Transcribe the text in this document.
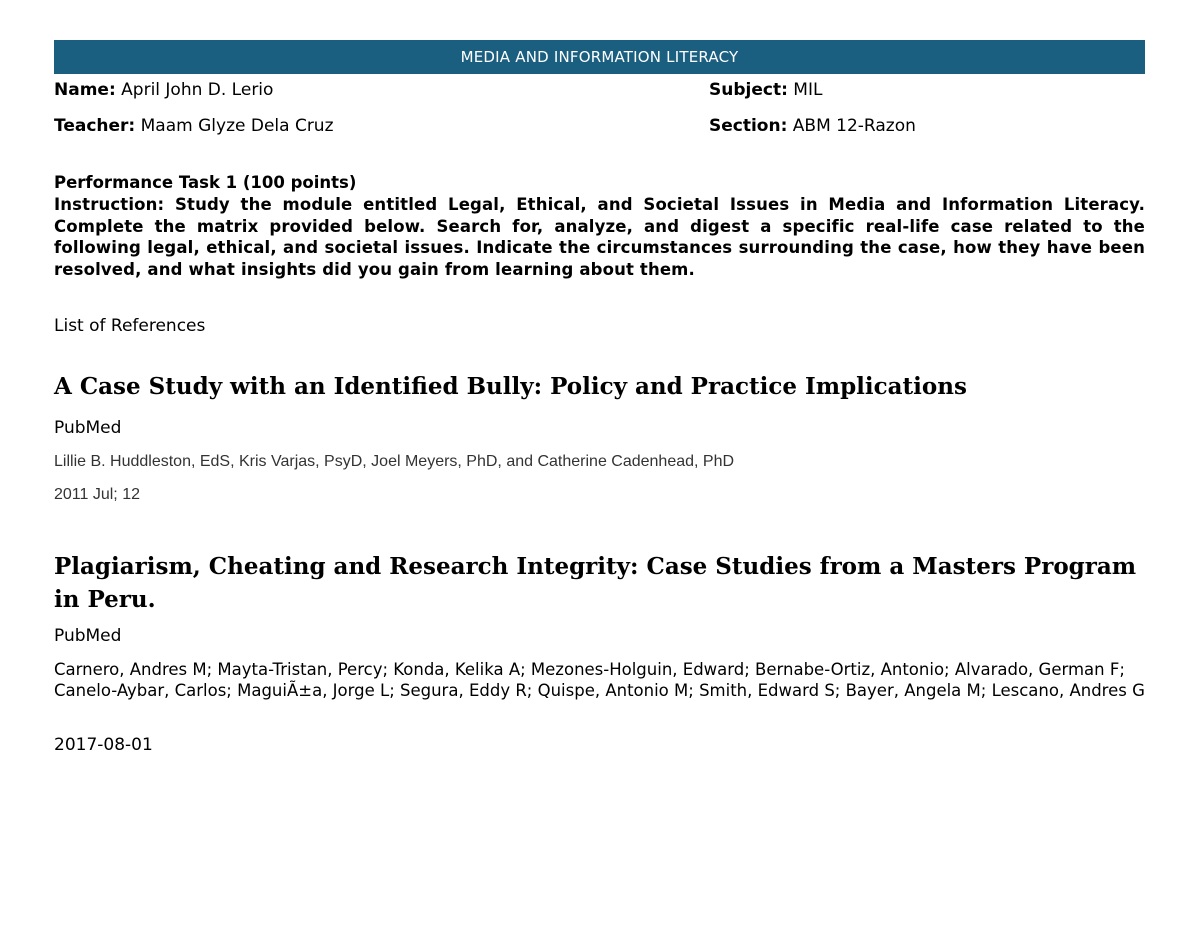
MEDIA AND INFORMATION LITERACY
Name: April John D. Lerio	Subject: MIL
Teacher: Maam Glyze Dela Cruz	Section: ABM 12-Razon
Performance Task 1 (100 points)
Instruction: Study the module entitled Legal, Ethical, and Societal Issues in Media and Information Literacy. Complete the matrix provided below. Search for, analyze, and digest a specific real-life case related to the following legal, ethical, and societal issues. Indicate the circumstances surrounding the case, how they have been resolved, and what insights did you gain from learning about them.
List of References
A Case Study with an Identified Bully: Policy and Practice Implications
PubMed
Lillie B. Huddleston, EdS, Kris Varjas, PsyD, Joel Meyers, PhD, and Catherine Cadenhead, PhD
2011 Jul; 12
Plagiarism, Cheating and Research Integrity: Case Studies from a Masters Program in Peru.
PubMed
Carnero, Andres M; Mayta-Tristan, Percy; Konda, Kelika A; Mezones-Holguin, Edward; Bernabe-Ortiz, Antonio; Alvarado, German F; Canelo-Aybar, Carlos; MaguiÃ±a, Jorge L; Segura, Eddy R; Quispe, Antonio M; Smith, Edward S; Bayer, Angela M; Lescano, Andres G
2017-08-01
